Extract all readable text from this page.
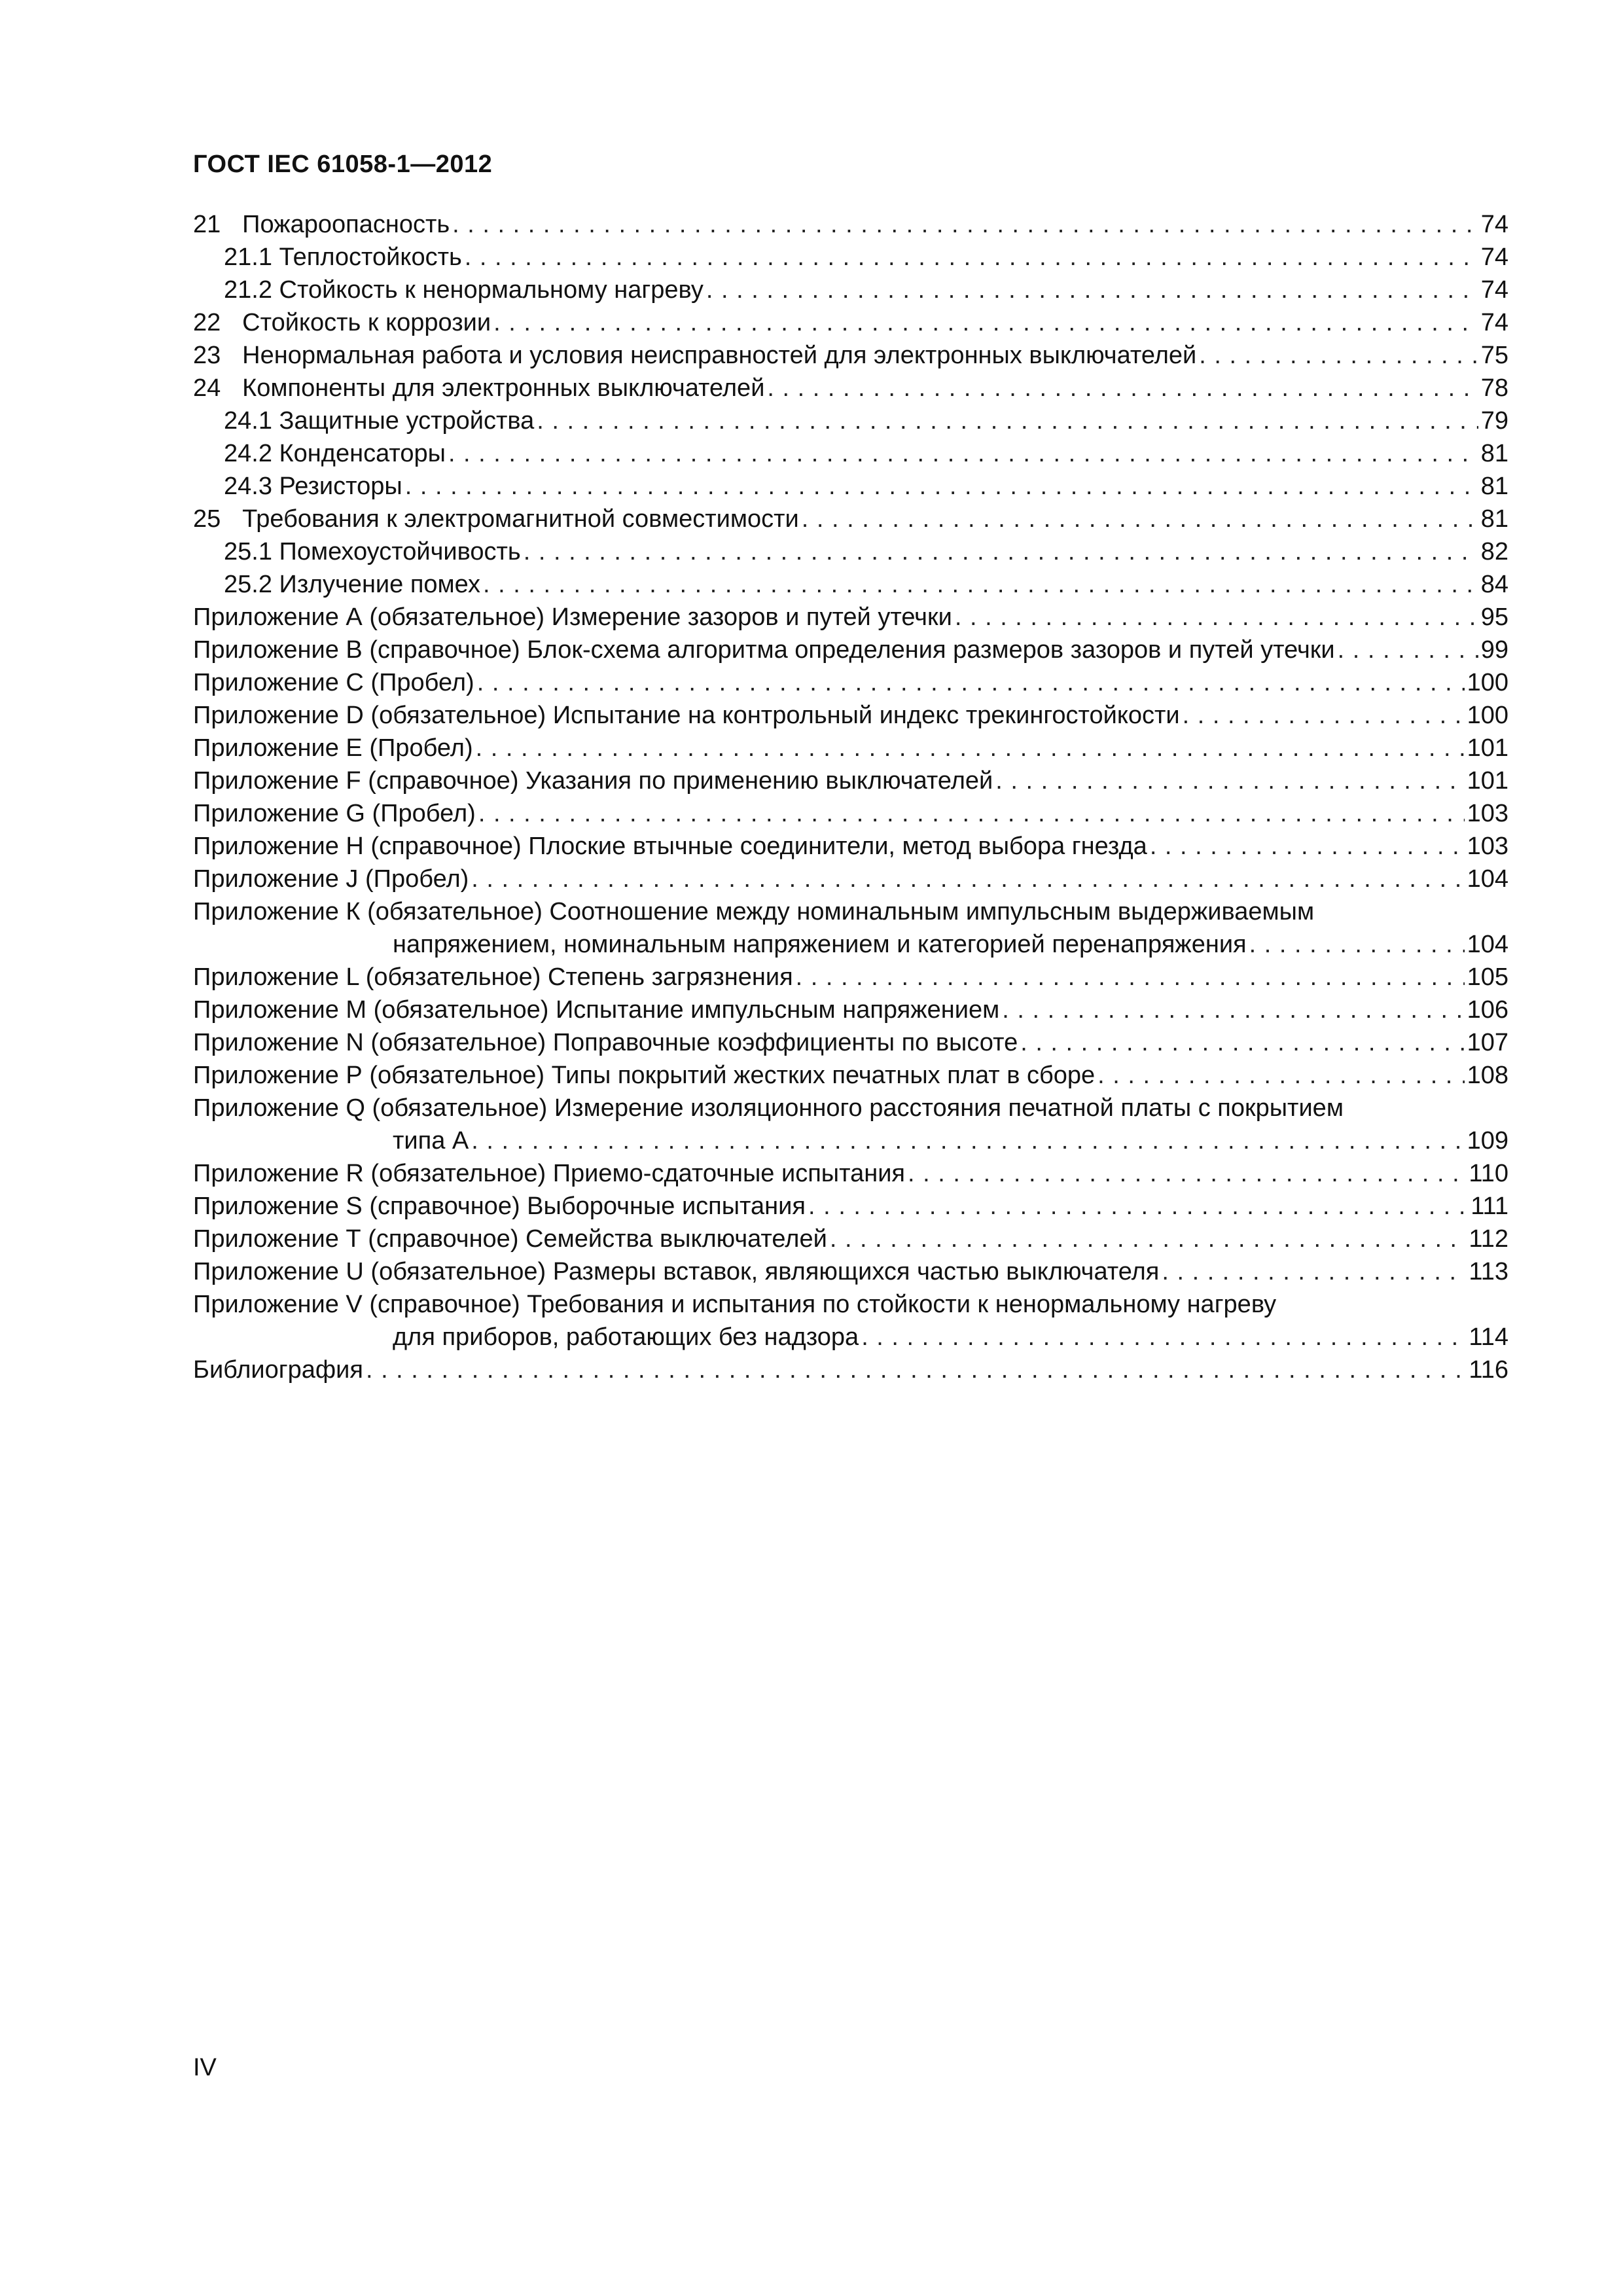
ГОСТ IEC 61058-1—2012
21 Пожароопасность . . .	74
21.1 Теплостойкость . . .	74
21.2 Стойкость к ненормальному нагреву . . .	74
22 Стойкость к коррозии . . .	74
23 Ненормальная работа и условия неисправностей для электронных выключателей . . .	75
24 Компоненты для электронных выключателей . . .	78
24.1 Защитные устройства . . .	79
24.2 Конденсаторы . . .	81
24.3 Резисторы . . .	81
25 Требования к электромагнитной совместимости . . .	81
25.1 Помехоустойчивость . . .	82
25.2 Излучение помех . . .	84
Приложение А (обязательное) Измерение зазоров и путей утечки . . .	95
Приложение В (справочное) Блок-схема алгоритма определения размеров зазоров и путей утечки . . .	99
Приложение С (Пробел) . . .	100
Приложение D (обязательное) Испытание на контрольный индекс трекингостойкости . . .	100
Приложение Е (Пробел) . . .	101
Приложение F (справочное) Указания по применению выключателей . . .	101
Приложение G (Пробел) . . .	103
Приложение Н (справочное) Плоские втычные соединители, метод выбора гнезда . . .	103
Приложение J (Пробел) . . .	104
Приложение К (обязательное) Соотношение между номинальным импульсным выдерживаемым
напряжением, номинальным напряжением и категорией перенапряжения . . .	104
Приложение L (обязательное) Степень загрязнения . . .	105
Приложение М (обязательное) Испытание импульсным напряжением . . .	106
Приложение N (обязательное) Поправочные коэффициенты по высоте . . .	107
Приложение Р (обязательное) Типы покрытий жестких печатных плат в сборе . . .	108
Приложение Q (обязательное) Измерение изоляционного расстояния печатной платы с покрытием
типа А . . .	109
Приложение R (обязательное) Приемо-сдаточные испытания . . .	110
Приложение S (справочное) Выборочные испытания . . .	111
Приложение Т (справочное) Семейства выключателей . . .	112
Приложение U (обязательное) Размеры вставок, являющихся частью выключателя . . .	113
Приложение V (справочное) Требования и испытания по стойкости к ненормальному нагреву
для приборов, работающих без надзора . . .	114
Библиография . . .	116
IV
